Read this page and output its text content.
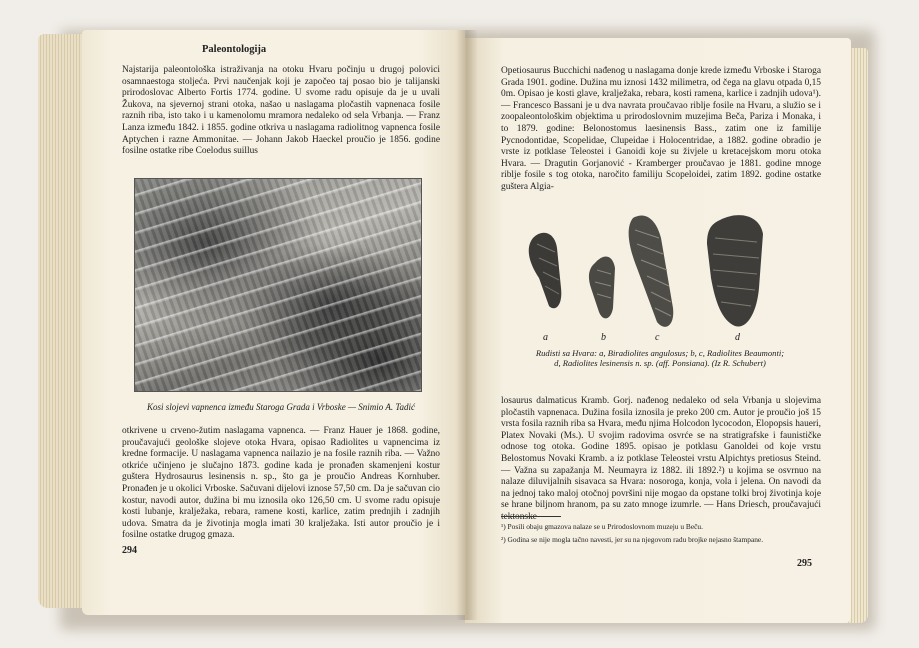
Paleontologija

Najstarija paleontološka istraživanja na otoku Hvaru počinju u drugoj polovici osamnaestoga stoljeća. Prvi naučenjak koji je započeo taj posao bio je talijanski prirodoslovac Alberto Fortis 1774. godine. U svome radu opisuje da je u uvali Žukova, na sjevernoj strani otoka, našao u naslagama pločastih vapnenaca fosile raznih riba, isto tako i u kamenolomu mramora nedaleko od sela Vrbanja. — Franz Lanza između 1842. i 1855. godine otkriva u naslagama radiolitnog vapnenca fosile Aptychen i razne Ammonitae. — Johann Jakob Haeckel proučio je 1856. godine fosilne ostatke ribe Coelodus suillus

Kosi slojevi vapnenca između Staroga Grada i Vrboske — Snimio A. Tadić

otkrivene u crveno-žutim naslagama vapnenca. — Franz Hauer je 1868. godine, proučavajući geološke slojeve otoka Hvara, opisao Radiolites u vapnencima iz kredne formacije. U naslagama vapnenca nailazio je na fosile raznih riba. — Važno otkriće učinjeno je slučajno 1873. godine kada je pronađen skamenjeni kostur guštera Hydrosaurus lesinensis n. sp., što ga je proučio Andreas Kornhuber. Pronađen je u okolici Vrboske. Sačuvani dijelovi iznose 57,50 cm. Da je sačuvan cio kostur, navodi autor, dužina bi mu iznosila oko 126,50 cm. U svome radu opisuje kosti lubanje, kralježaka, rebara, ramene kosti, karlice, zatim prednjih i zadnjih udova. Smatra da je životinja mogla imati 30 kralježaka. Isti autor proučio je i fosilne ostatke drugog gmaza.

294

Opetiosaurus Bucchichi nađenog u naslagama donje krede između Vrboske i Staroga Grada 1901. godine. Dužina mu iznosi 1432 milimetra, od čega na glavu otpada 0,15 0m. Opisao je kosti glave, kralježaka, rebara, kosti ramena, karlice i zadnjih udova¹). — Francesco Bassani je u dva navrata proučavao riblje fosile na Hvaru, a služio se i zoopaleontološkim objektima u prirodoslovnim muzejima Beča, Pariza i Monaka, i to 1879. godine: Belonostomus laesinensis Bass., zatim one iz familije Pycnodontidae, Scopelidae, Clupeidae i Holocentridae, a 1882. godine obradio je vrste iz potklase Teleostei i Ganoidi koje su živjele u kretacejskom moru otoka Hvara. — Dragutin Gorjanović - Kramberger proučavao je 1881. godine mnoge riblje fosile s tog otoka, naročito familiju Scopeloidei, zatim 1892. godine ostatke guštera Algia-

a	b	c	d
Rudisti sa Hvara: a, Biradiolites angulosus; b, c, Radiolites Beaumonti; d, Radiolites lesinensis n. sp. (aff. Ponsiana). (Iz R. Schubert)

losaurus dalmaticus Kramb. Gorj. nađenog nedaleko od sela Vrbanja u slojevima pločastih vapnenaca. Dužina fosila iznosila je preko 200 cm. Autor je proučio još 15 vrsta fosila raznih riba sa Hvara, među njima Holcodon lycocodon, Elopopsis haueri, Platex Novaki (Ms.). U svojim radovima osvrće se na stratigrafske i faunističke odnose tog otoka. Godine 1895. opisao je potklasu Ganoldei od koje vrstu Belostomus Novaki Kramb. a iz potklase Teleostei vrstu Alpichtys pretiosus Steind. — Važna su zapažanja M. Neumayra iz 1882. ili 1892.²) u kojima se osvrnuo na nalaze diluvijalnih sisavaca sa Hvara: nosoroga, konja, vola i jelena. On navodi da na jednoj tako maloj otočnoj površini nije mogao da opstane tolki broj životinja koje se hrane biljnom hranom, pa su zato mnoge izumrle. — Hans Driesch, proučavajući tektonske

¹) Posili obaju gmazova nalaze se u Prirodoslovnom muzeju u Beču.

²) Godina se nije mogla tačno navesti, jer su na njegovom radu brojke nejasno štampane.

295
